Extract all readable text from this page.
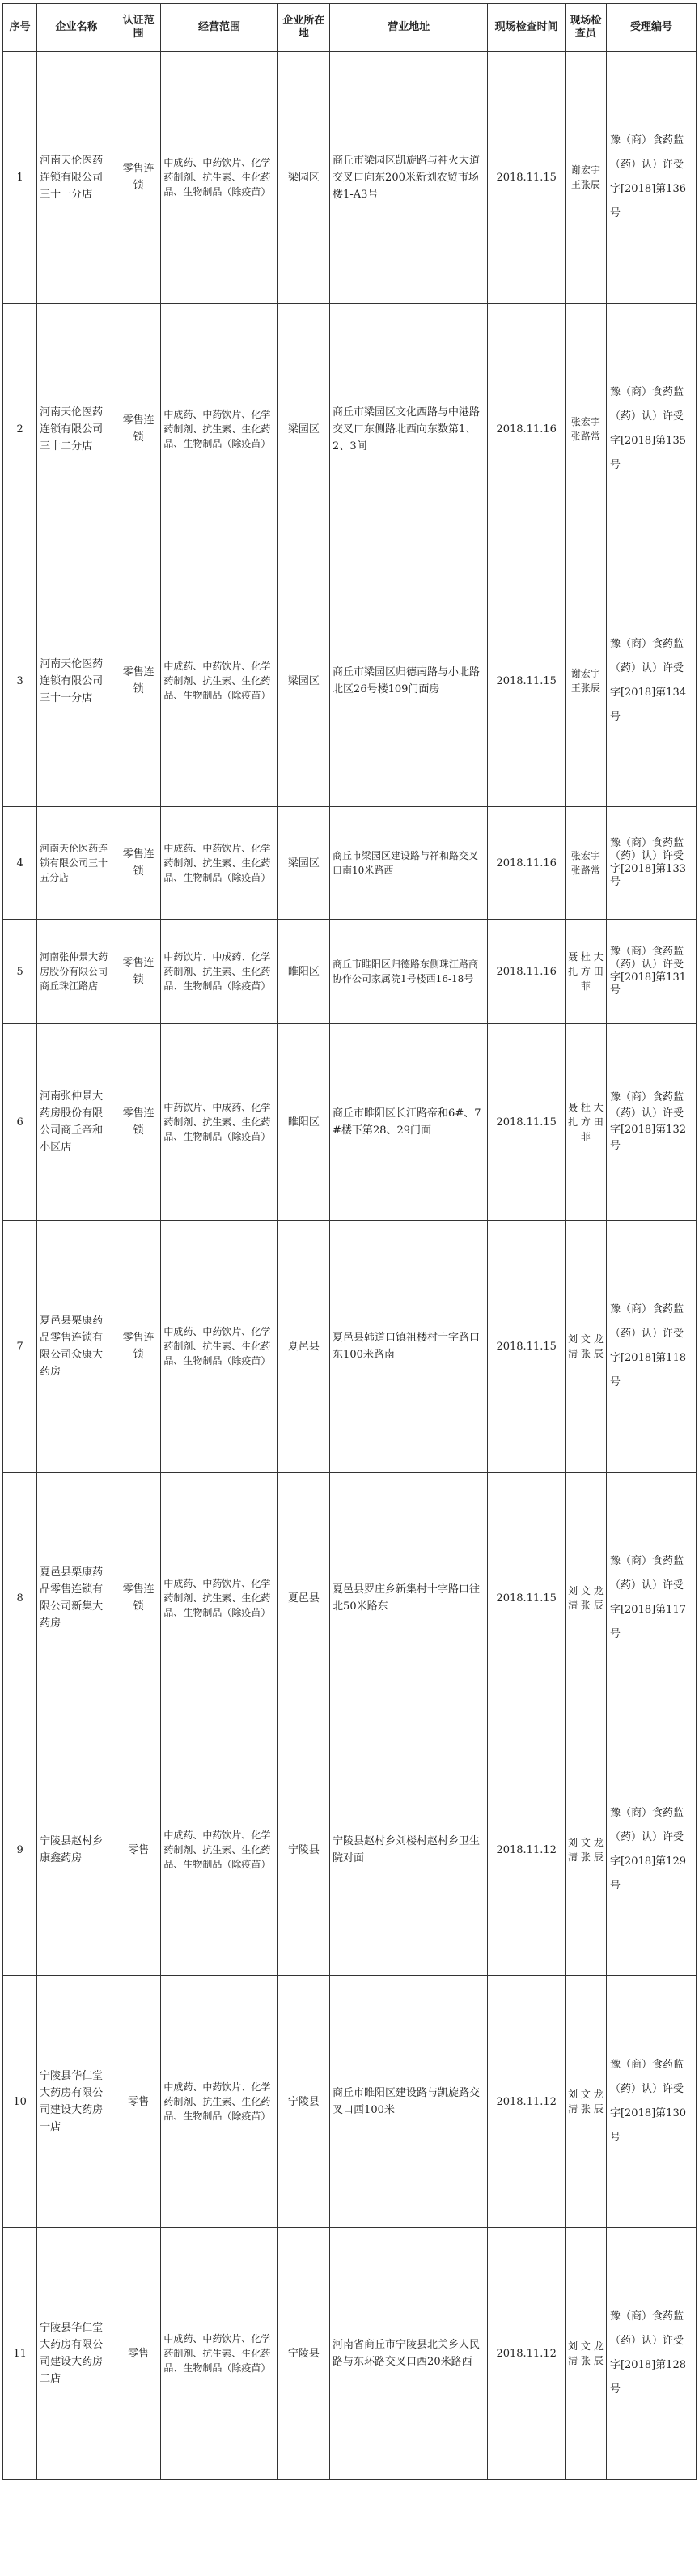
序号	企业名称	认证范围	经营范围	企业所在地	营业地址	现场检查时间	现场检查员	受理编号
1	河南天伦医药连锁有限公司三十一分店	零售连锁	中成药、中药饮片、化学药制剂、抗生素、生化药品、生物制品（除疫苗）	梁园区	商丘市梁园区凯旋路与神火大道交叉口向东200米新刘农贸市场楼1-A3号	2018.11.15	谢宏宇 王张辰	豫（商）食药监（药）认）许受字[2018]第136号
2	河南天伦医药连锁有限公司三十二分店	零售连锁	中成药、中药饮片、化学药制剂、抗生素、生化药品、生物制品（除疫苗）	梁园区	商丘市梁园区文化西路与中港路交叉口东侧路北西向东数第1、2、3间	2018.11.16	张宏宇 张路常	豫（商）食药监（药）认）许受字[2018]第135号
3	河南天伦医药连锁有限公司三十一分店	零售连锁	中成药、中药饮片、化学药制剂、抗生素、生化药品、生物制品（除疫苗）	梁园区	商丘市梁园区归德南路与小北路北区26号楼109门面房	2018.11.15	谢宏宇 王张辰	豫（商）食药监（药）认）许受字[2018]第134号
4	河南天伦医药连锁有限公司三十五分店	零售连锁	中成药、中药饮片、化学药制剂、抗生素、生化药品、生物制品（除疫苗）	梁园区	商丘市梁园区建设路与祥和路交叉口南10米路西	2018.11.16	张宏宇 张路常	豫（商）食药监（药）认）许受字[2018]第133号
5	河南张仲景大药房股份有限公司商丘珠江路店	零售连锁	中药饮片、中成药、化学药制剂、抗生素、生化药品、生物制品（除疫苗）	睢阳区	商丘市睢阳区归德路东侧珠江路商协作公司家属院1号楼西16-18号	2018.11.16	聂 杜 大 扎 方 田 菲	豫（商）食药监（药）认）许受字[2018]第131号
6	河南张仲景大药房股份有限公司商丘帝和小区店	零售连锁	中药饮片、中成药、化学药制剂、抗生素、生化药品、生物制品（除疫苗）	睢阳区	商丘市睢阳区长江路帝和6#、7#楼下第28、29门面	2018.11.15	聂 杜 大 扎 方 田 菲	豫（商）食药监（药）认）许受字[2018]第132号
7	夏邑县栗康药品零售连锁有限公司众康大药房	零售连锁	中成药、中药饮片、化学药制剂、抗生素、生化药品、生物制品（除疫苗）	夏邑县	夏邑县韩道口镇祖楼村十字路口东100米路南	2018.11.15	刘 文 龙 清 张 辰	豫（商）食药监（药）认）许受字[2018]第118号
8	夏邑县栗康药品零售连锁有限公司新集大药房	零售连锁	中成药、中药饮片、化学药制剂、抗生素、生化药品、生物制品（除疫苗）	夏邑县	夏邑县罗庄乡新集村十字路口往北50米路东	2018.11.15	刘 文 龙 清 张 辰	豫（商）食药监（药）认）许受字[2018]第117号
9	宁陵县赵村乡康鑫药房	零售	中成药、中药饮片、化学药制剂、抗生素、生化药品、生物制品（除疫苗）	宁陵县	宁陵县赵村乡刘楼村赵村乡卫生院对面	2018.11.12	刘 文 龙 清 张 辰	豫（商）食药监（药）认）许受字[2018]第129号
10	宁陵县华仁堂大药房有限公司建设大药房一店	零售	中成药、中药饮片、化学药制剂、抗生素、生化药品、生物制品（除疫苗）	宁陵县	商丘市睢阳区建设路与凯旋路交叉口西100米	2018.11.12	刘 文 龙 清 张 辰	豫（商）食药监（药）认）许受字[2018]第130号
11	宁陵县华仁堂大药房有限公司建设大药房二店	零售	中成药、中药饮片、化学药制剂、抗生素、生化药品、生物制品（除疫苗）	宁陵县	河南省商丘市宁陵县北关乡人民路与东环路交叉口西20米路西	2018.11.12	刘 文 龙 清 张 辰	豫（商）食药监（药）认）许受字[2018]第128号
